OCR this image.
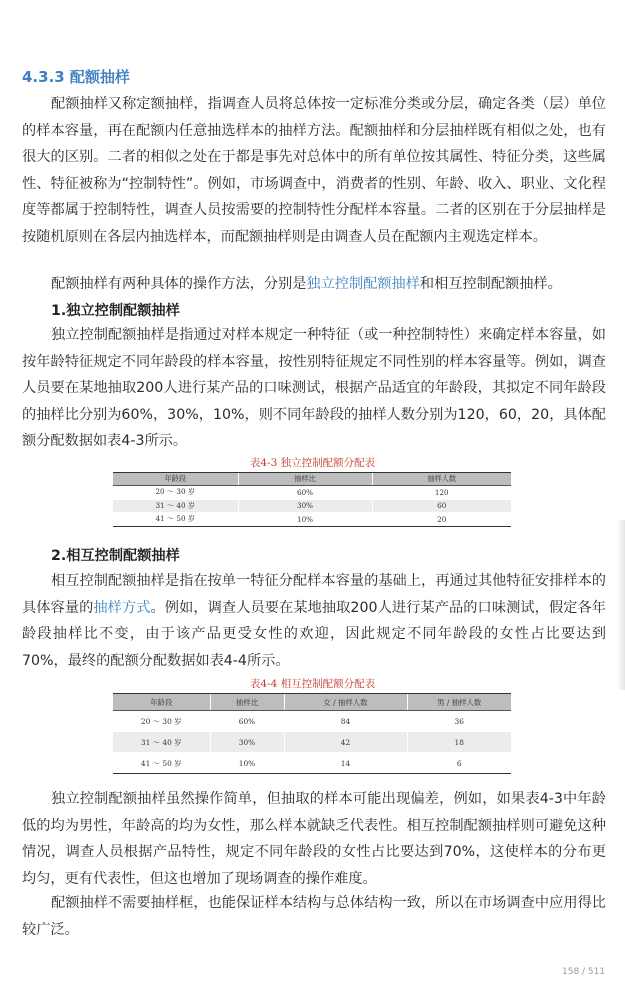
4.3.3 配额抽样

配额抽样又称定额抽样，指调查人员将总体按一定标准分类或分层，确定各类（层）单位的样本容量，再在配额内任意抽选样本的抽样方法。配额抽样和分层抽样既有相似之处，也有很大的区别。二者的相似之处在于都是事先对总体中的所有单位按其属性、特征分类，这些属性、特征被称为“控制特性”。例如，市场调查中，消费者的性别、年龄、收入、职业、文化程度等都属于控制特性，调查人员按需要的控制特性分配样本容量。二者的区别在于分层抽样是按随机原则在各层内抽选样本，而配额抽样则是由调查人员在配额内主观选定样本。

配额抽样有两种具体的操作方法，分别是独立控制配额抽样和相互控制配额抽样。

1.独立控制配额抽样

独立控制配额抽样是指通过对样本规定一种特征（或一种控制特性）来确定样本容量，如按年龄特征规定不同年龄段的样本容量，按性别特征规定不同性别的样本容量等。例如，调查人员要在某地抽取200人进行某产品的口味测试，根据产品适宜的年龄段，其拟定不同年龄段的抽样比分别为60%，30%，10%，则不同年龄段的抽样人数分别为120，60，20，具体配额分配数据如表4-3所示。

表4-3 独立控制配额分配表

年龄段	抽样比	抽样人数
20 ～ 30 岁	60%	120
31 ～ 40 岁	30%	60
41 ～ 50 岁	10%	20

2.相互控制配额抽样

相互控制配额抽样是指在按单一特征分配样本容量的基础上，再通过其他特征安排样本的具体容量的抽样方式。例如，调查人员要在某地抽取200人进行某产品的口味测试，假定各年龄段抽样比不变，由于该产品更受女性的欢迎，因此规定不同年龄段的女性占比要达到70%，最终的配额分配数据如表4-4所示。

表4-4 相互控制配额分配表

年龄段	抽样比	女 / 抽样人数	男 / 抽样人数
20 ～ 30 岁	60%	84	36
31 ～ 40 岁	30%	42	18
41 ～ 50 岁	10%	14	6

独立控制配额抽样虽然操作简单，但抽取的样本可能出现偏差，例如，如果表4-3中年龄低的均为男性，年龄高的均为女性，那么样本就缺乏代表性。相互控制配额抽样则可避免这种情况，调查人员根据产品特性，规定不同年龄段的女性占比要达到70%，这使样本的分布更均匀，更有代表性，但这也增加了现场调查的操作难度。

配额抽样不需要抽样框，也能保证样本结构与总体结构一致，所以在市场调查中应用得比较广泛。

158 / 511
